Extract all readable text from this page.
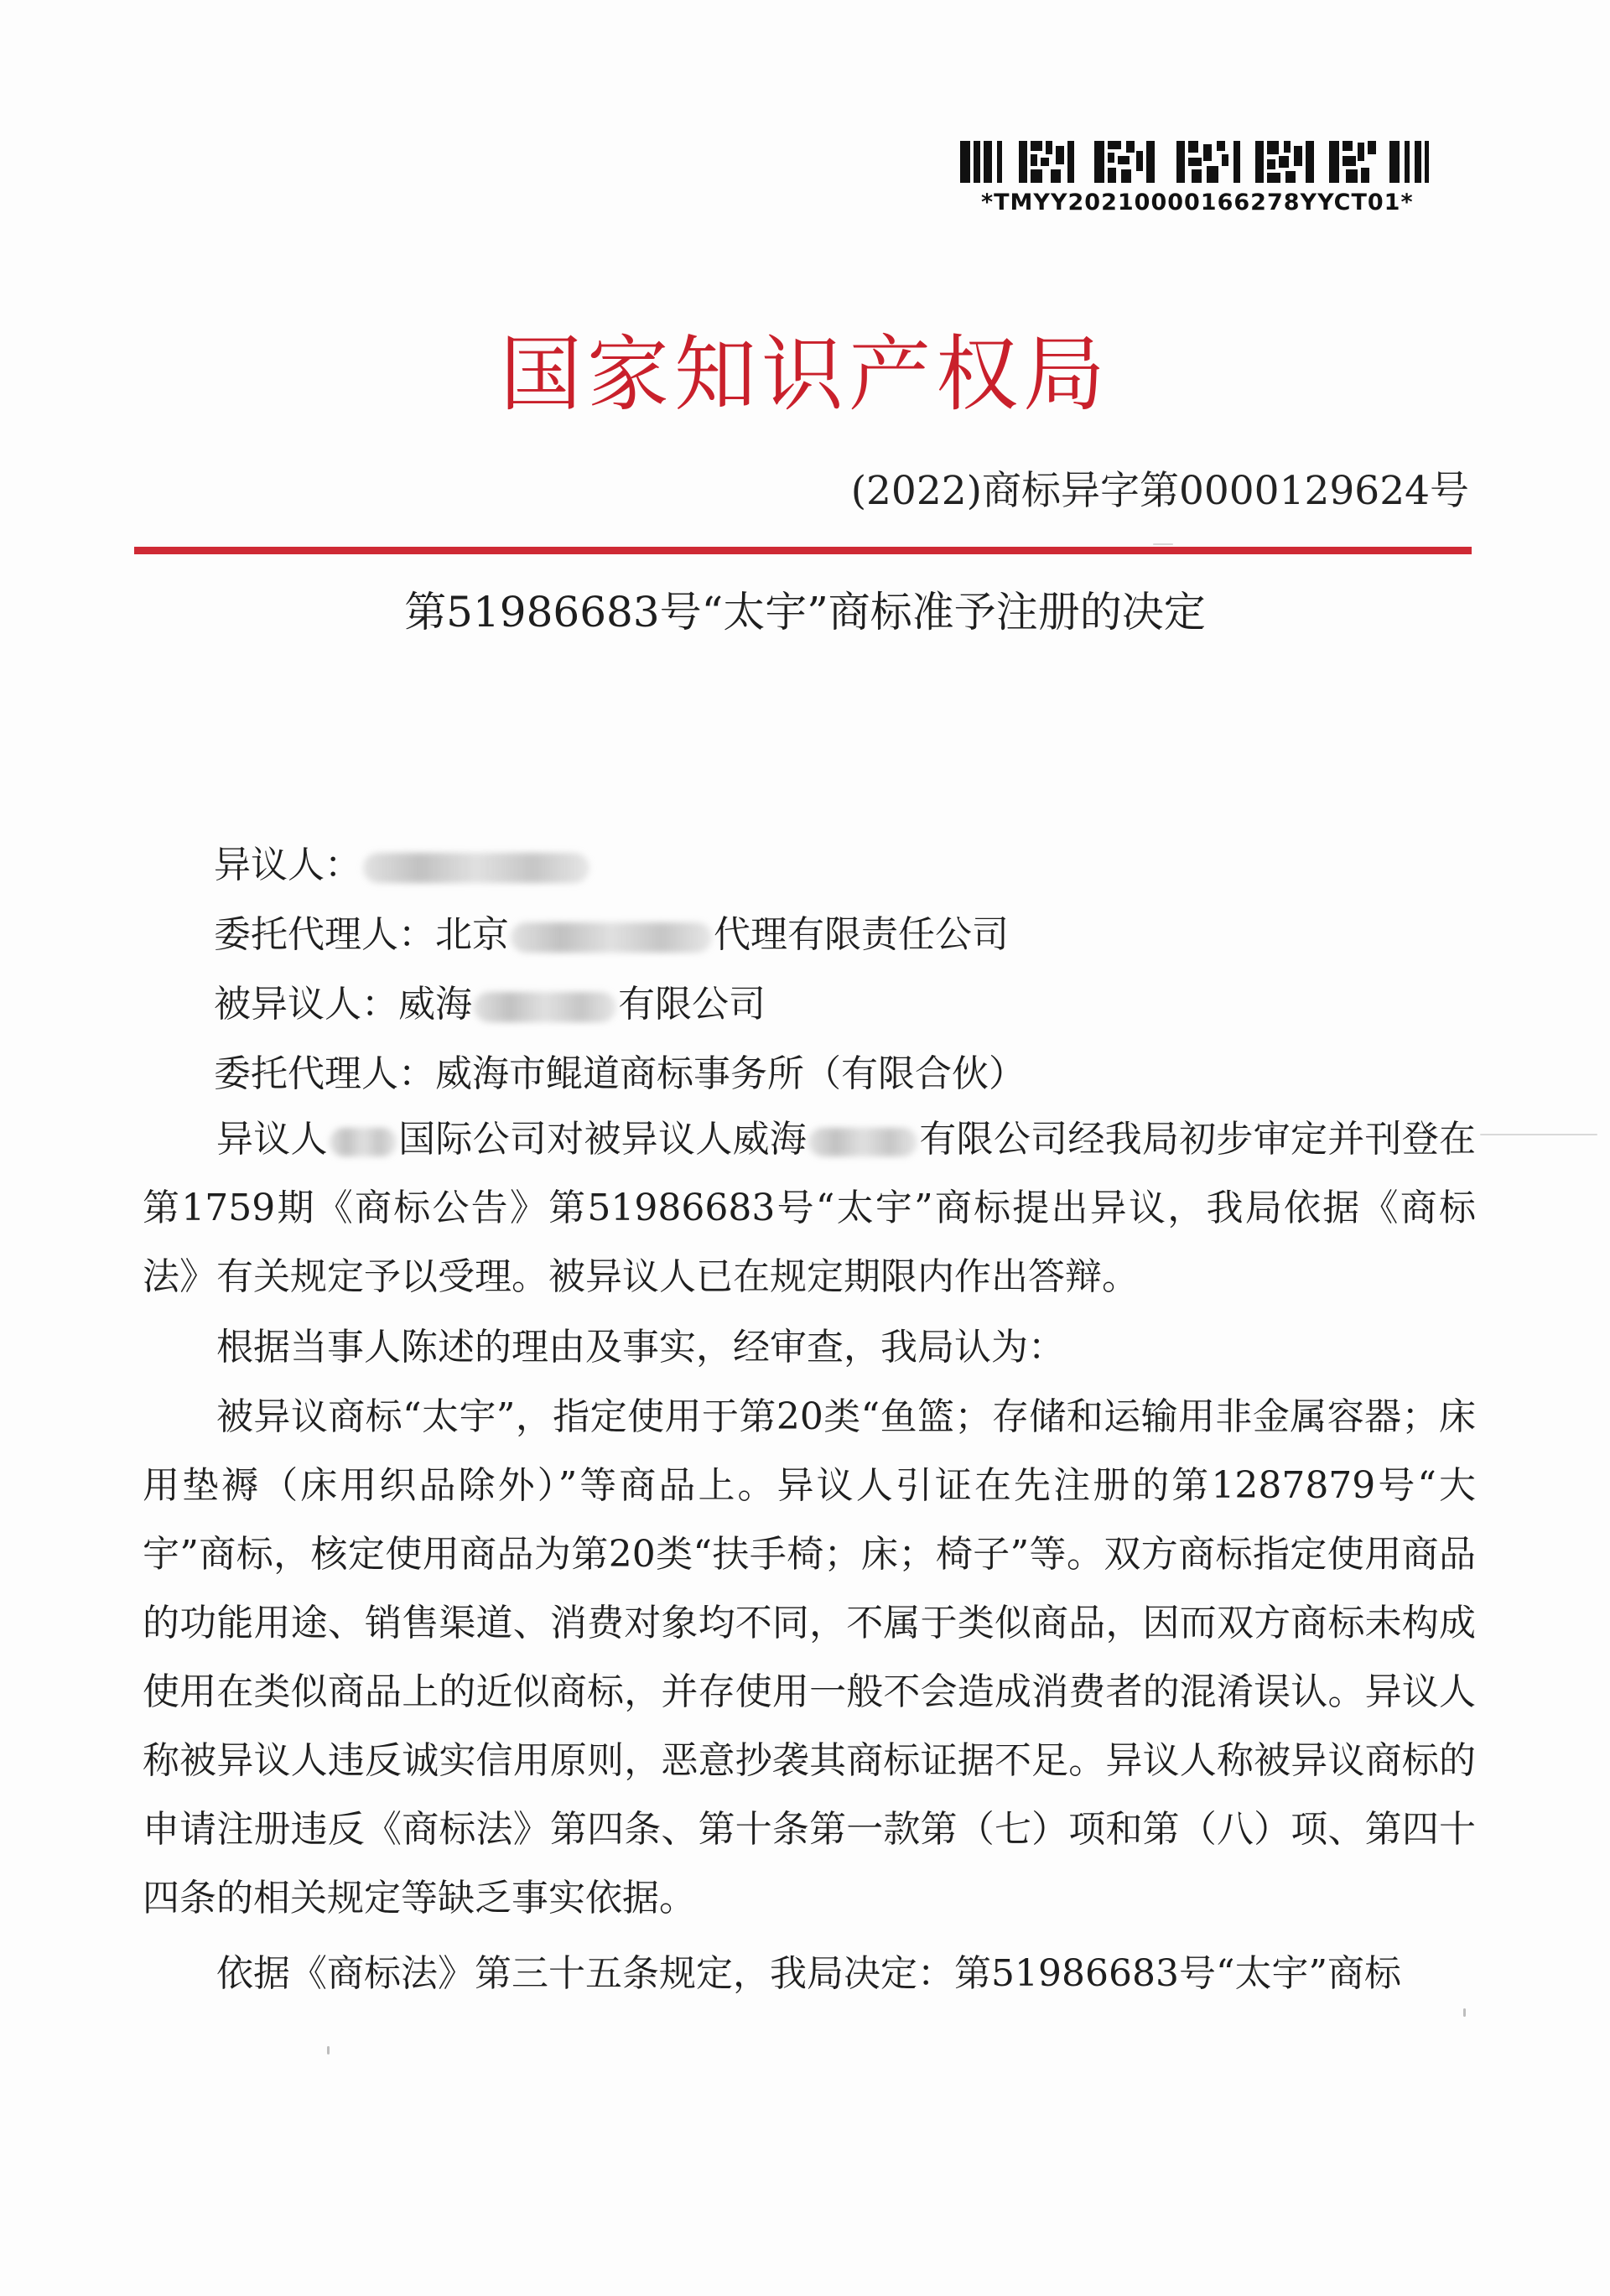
*TMYY20210000166278YYCT01*
国家知识产权局
(2022)商标异字第0000129624号
第51986683号“太宇”商标准予注册的决定
异议人：
委托代理人：北京	代理有限责任公司
被异议人：威海	有限公司
委托代理人：威海市鲲道商标事务所（有限合伙）
异议人 国际公司对被异议人威海	有限公司经我局初步审定并刊登在第1759期《商标公告》第51986683号“太宇”商标提出异议，我局依据《商标法》有关规定予以受理。被异议人已在规定期限内作出答辩。
根据当事人陈述的理由及事实，经审查，我局认为：
被异议商标“太宇”，指定使用于第20类“鱼篮；存储和运输用非金属容器；床用垫褥（床用织品除外）”等商品上。异议人引证在先注册的第1287879号“大宇”商标，核定使用商品为第20类“扶手椅；床；椅子”等。双方商标指定使用商品的功能用途、销售渠道、消费对象均不同，不属于类似商品，因而双方商标未构成使用在类似商品上的近似商标，并存使用一般不会造成消费者的混淆误认。异议人称被异议人违反诚实信用原则，恶意抄袭其商标证据不足。异议人称被异议商标的申请注册违反《商标法》第四条、第十条第一款第（七）项和第（八）项、第四十四条的相关规定等缺乏事实依据。
依据《商标法》第三十五条规定，我局决定：第51986683号“太宇”商标
